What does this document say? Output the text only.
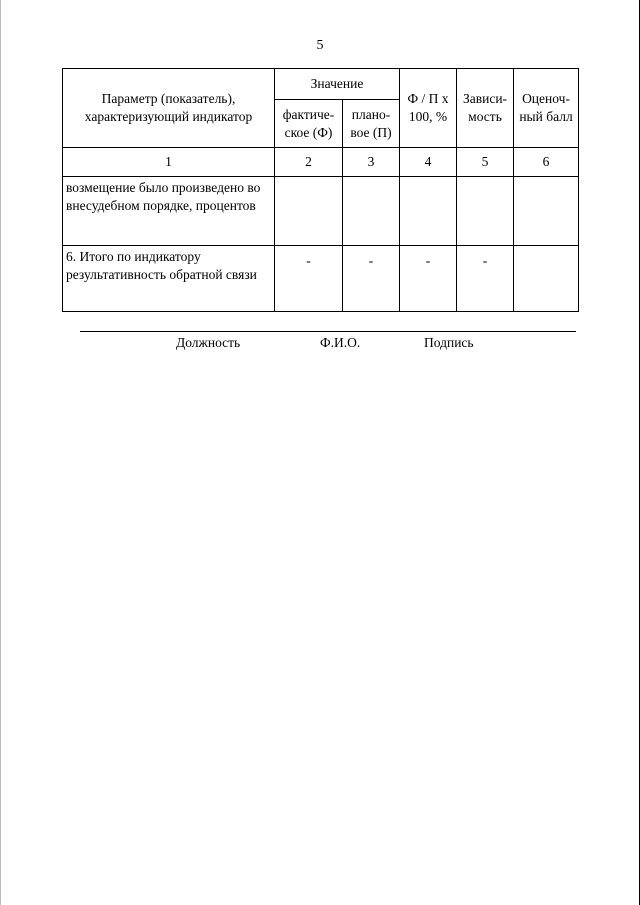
5
Параметр (показатель), характеризующий индикатор	Значение		Ф / П x 100, %	Зависи-мость	Оценоч-ный балл
	фактиче-ское (Ф)	плано-вое (П)			
1	2	3	4	5	6
возмещение было произведено во внесудебном порядке, процентов					
6. Итого по индикатору результативность обратной связи	-	-	-	-	
Должность	Ф.И.О.	Подпись
